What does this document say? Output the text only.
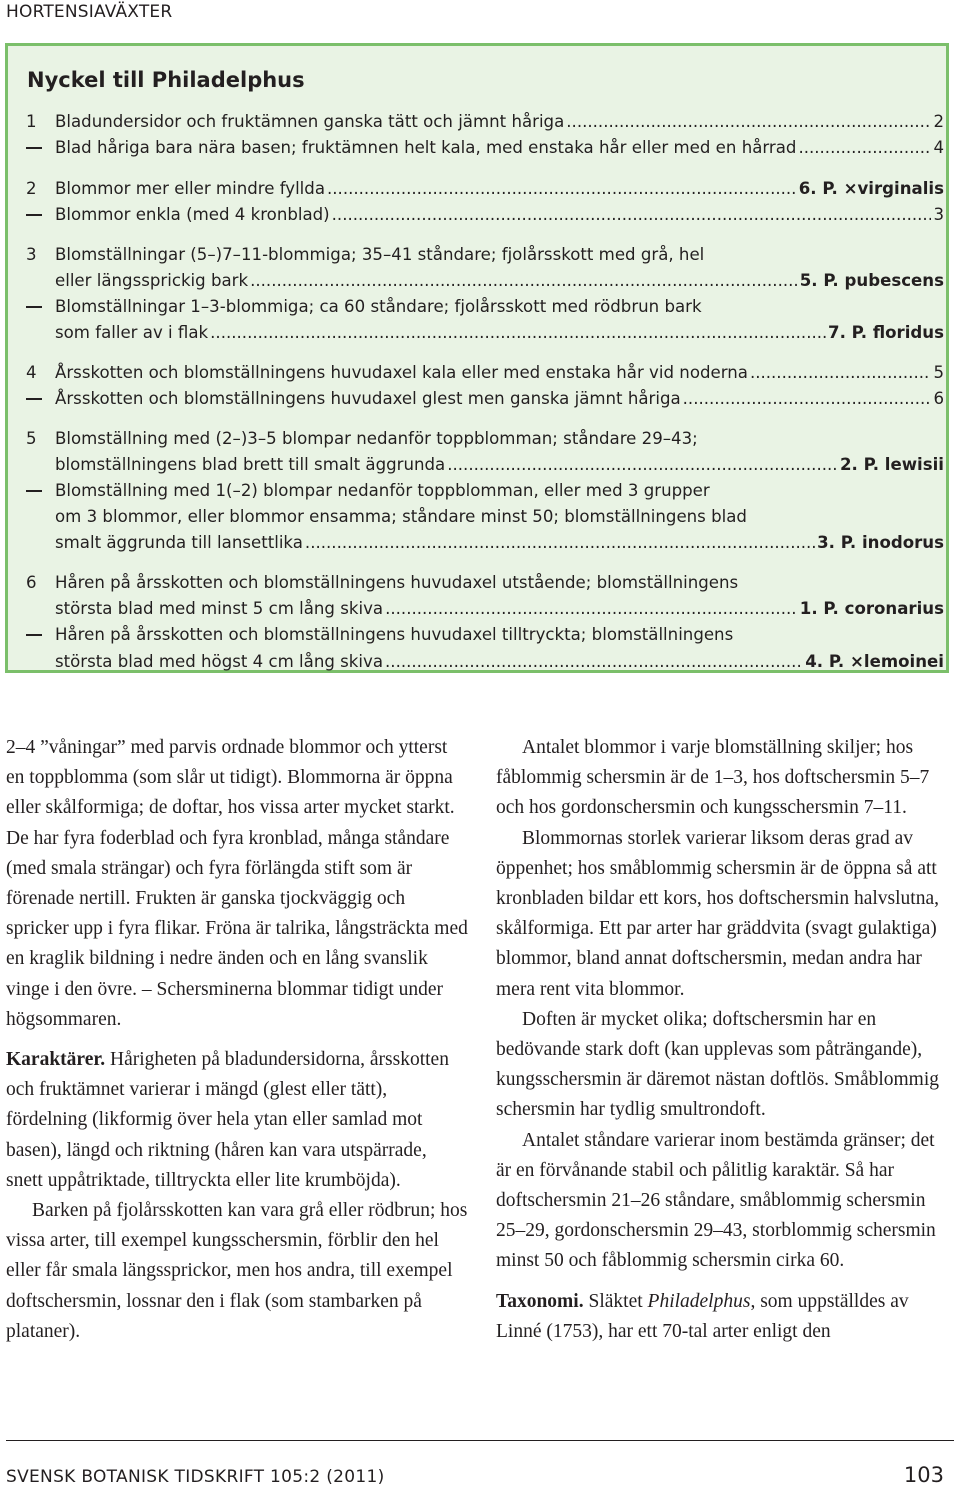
HORTENSIAVÄXTER
Nyckel till Philadelphus
1	Bladundersidor och fruktämnen ganska tätt och jämnt håriga .....	2
Blad håriga bara nära basen; fruktämnen helt kala, med enstaka hår eller med en hårrad .....	4
2	Blommor mer eller mindre fyllda .....	6. P. ×virginalis
Blommor enkla (med 4 kronblad) .....	3
3	Blomställningar (5–)7–11-blommiga; 35–41 ståndare; fjolårsskott med grå, hel
eller längssprickig bark .....	5. P. pubescens
Blomställningar 1–3-blommiga; ca 60 ståndare; fjolårsskott med rödbrun bark
som faller av i flak .....	7. P. floridus
4	Årsskotten och blomställningens huvudaxel kala eller med enstaka hår vid noderna .....	5
Årsskotten och blomställningens huvudaxel glest men ganska jämnt håriga .....	6
5	Blomställning med (2–)3–5 blompar nedanför toppblomman; ståndare 29–43;
blomställningens blad brett till smalt äggrunda .....	2. P. lewisii
Blomställning med 1(–2) blompar nedanför toppblomman, eller med 3 grupper
om 3 blommor, eller blommor ensamma; ståndare minst 50; blomställningens blad
smalt äggrunda till lansettlika .....	3. P. inodorus
6	Håren på årsskotten och blomställningens huvudaxel utstående; blomställningens
största blad med minst 5 cm lång skiva .....	1. P. coronarius
Håren på årsskotten och blomställningens huvudaxel tilltryckta; blomställningens
största blad med högst 4 cm lång skiva .....	4. P. ×lemoinei

2–4 ”våningar” med parvis ordnade blommor och ytterst en toppblomma (som slår ut tidigt). Blommorna är öppna eller skålformiga; de doftar, hos vissa arter mycket starkt. De har fyra foderblad och fyra kronblad, många ståndare (med smala strängar) och fyra förlängda stift som är förenade nertill. Frukten är ganska tjockväggig och spricker upp i fyra flikar. Fröna är talrika, långsträckta med en kraglik bildning i nedre änden och en lång svanslik vinge i den övre. – Schersminerna blommar tidigt under högsommaren.

Karaktärer. Hårigheten på bladundersidorna, årsskotten och fruktämnet varierar i mängd (glest eller tätt), fördelning (likformig över hela ytan eller samlad mot basen), längd och riktning (håren kan vara utspärrade, snett uppåtriktade, tilltryckta eller lite krumböjda).

Barken på fjolårsskotten kan vara grå eller rödbrun; hos vissa arter, till exempel kungsschersmin, förblir den hel eller får smala längssprickor, men hos andra, till exempel doftschersmin, lossnar den i flak (som stambarken på plataner).

Antalet blommor i varje blomställning skiljer; hos fåblommig schersmin är de 1–3, hos doftschersmin 5–7 och hos gordonschersmin och kungsschersmin 7–11.

Blommornas storlek varierar liksom deras grad av öppenhet; hos småblommig schersmin är de öppna så att kronbladen bildar ett kors, hos doftschersmin halvslutna, skålformiga. Ett par arter har gräddvita (svagt gulaktiga) blommor, bland annat doftschersmin, medan andra har mera rent vita blommor.

Doften är mycket olika; doftschersmin har en bedövande stark doft (kan upplevas som påträngande), kungsschersmin är däremot nästan doftlös. Småblommig schersmin har tydlig smultrondoft.

Antalet ståndare varierar inom bestämda gränser; det är en förvånande stabil och pålitlig karaktär. Så har doftschersmin 21–26 ståndare, småblommig schersmin 25–29, gordonschersmin 29–43, storblommig schersmin minst 50 och fåblommig schersmin cirka 60.

Taxonomi. Släktet Philadelphus, som uppställdes av Linné (1753), har ett 70-tal arter enligt den

SVENSK BOTANISK TIDSKRIFT 105:2 (2011)	103
